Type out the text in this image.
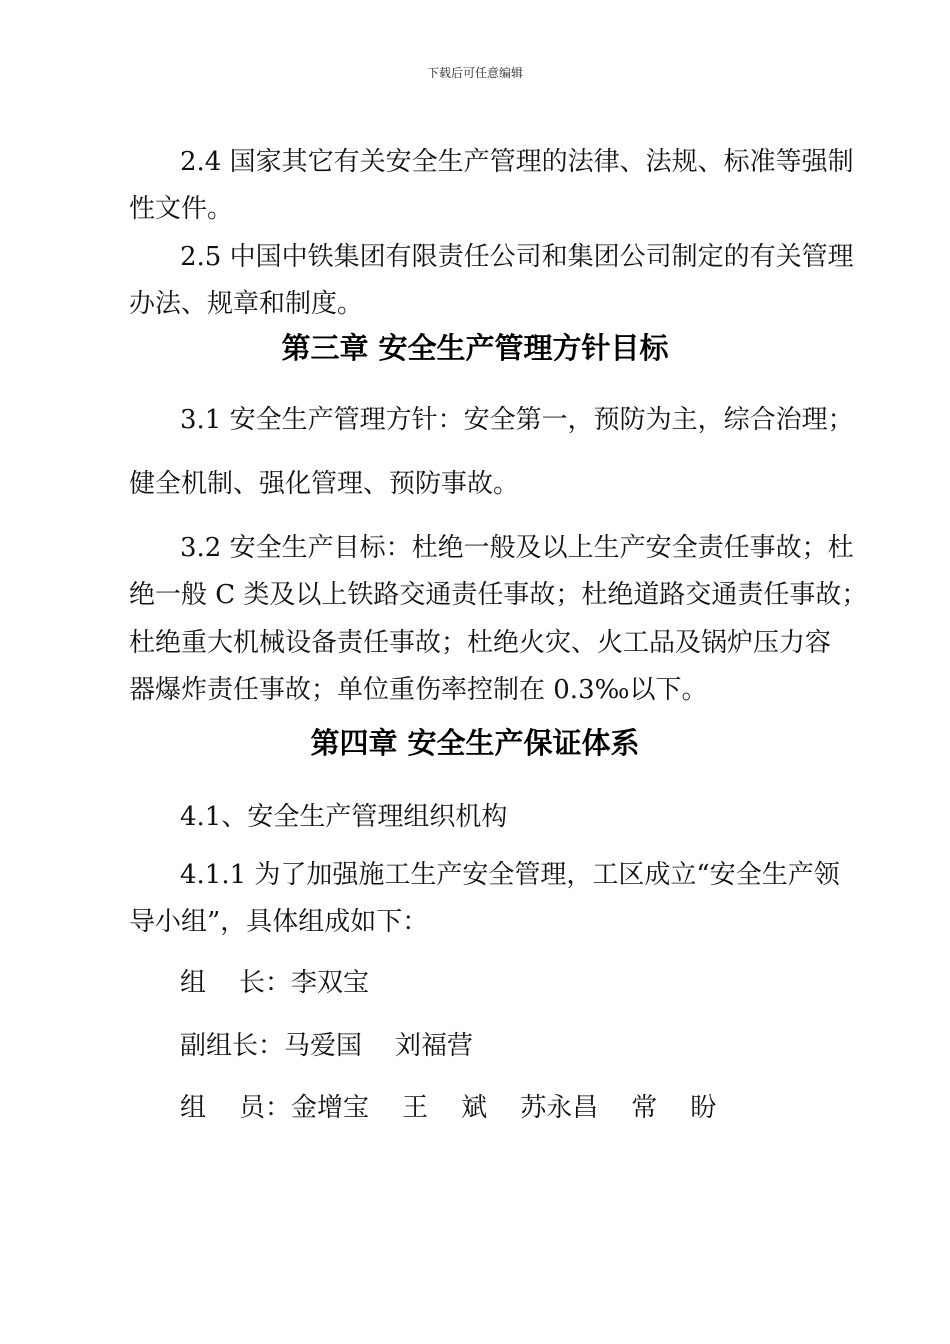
下载后可任意编辑
2.4 国家其它有关安全生产管理的法律、法规、标准等强制
性文件。
2.5 中国中铁集团有限责任公司和集团公司制定的有关管理
办法、规章和制度。
第三章 安全生产管理方针目标
3.1 安全生产管理方针：安全第一，预防为主，综合治理；
健全机制、强化管理、预防事故。
3.2 安全生产目标：杜绝一般及以上生产安全责任事故；杜
绝一般 C 类及以上铁路交通责任事故；杜绝道路交通责任事故；
杜绝重大机械设备责任事故；杜绝火灾、火工品及锅炉压力容
器爆炸责任事故；单位重伤率控制在 0.3‰以下。
第四章 安全生产保证体系
4.1、安全生产管理组织机构
4.1.1 为了加强施工生产安全管理，工区成立“安全生产领
导小组”，具体组成如下：
组    长：李双宝
副组长：马爱国    刘福营
组    员：金增宝    王    斌    苏永昌    常    盼
